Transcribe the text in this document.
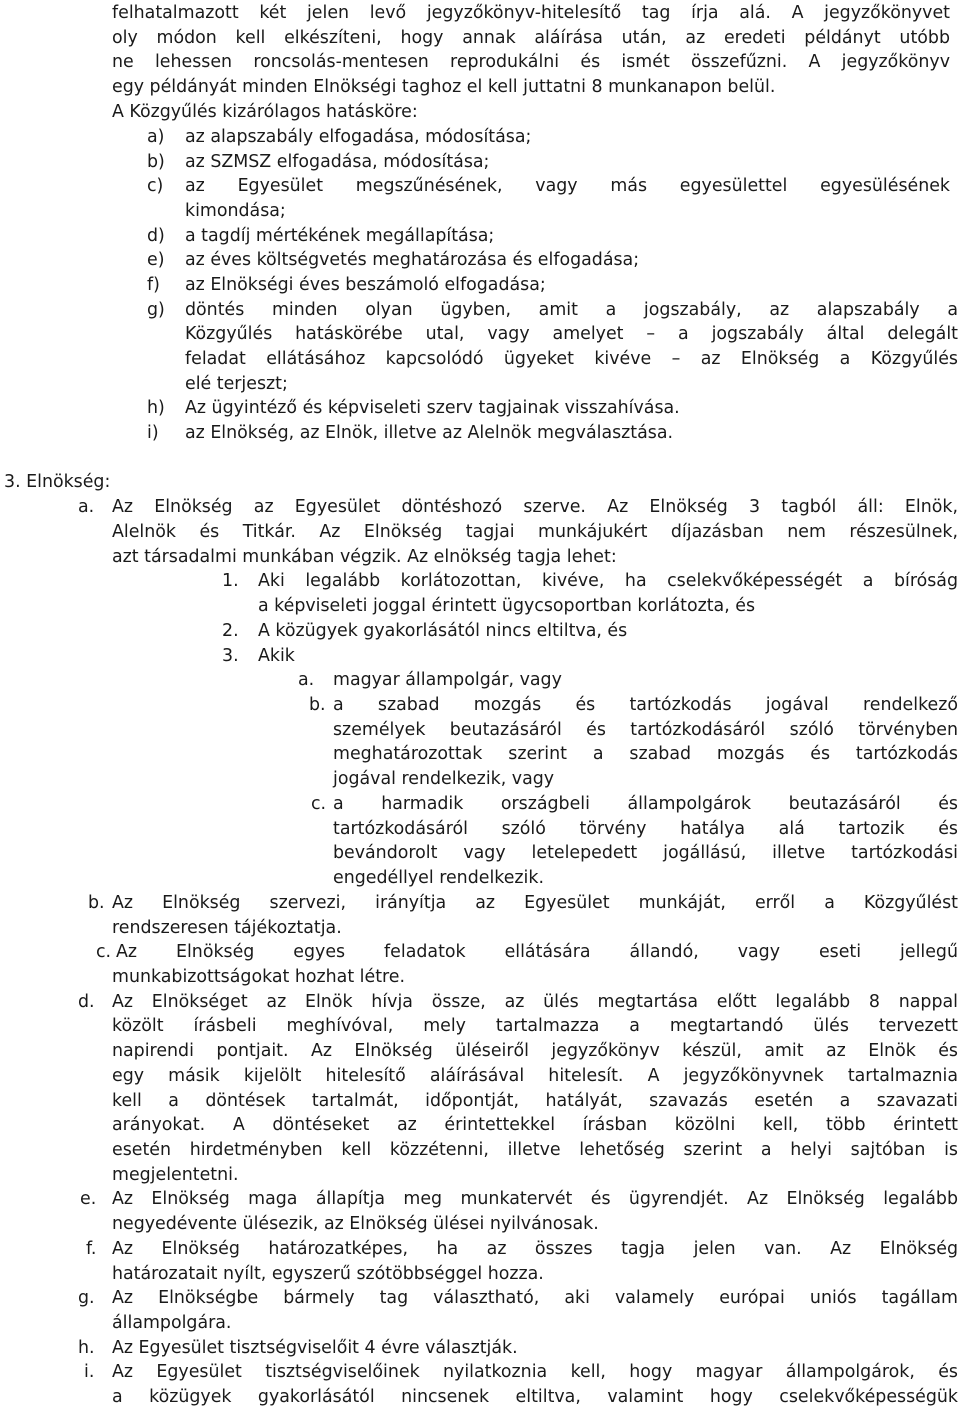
felhatalmazott két jelen levő jegyzőkönyv-hitelesítő tag írja alá. A jegyzőkönyvet
oly módon kell elkészíteni, hogy annak aláírása után, az eredeti példányt utóbb
ne lehessen roncsolás-mentesen reprodukálni és ismét összefűzni. A jegyzőkönyv
egy példányát minden Elnökségi taghoz el kell juttatni 8 munkanapon belül.
A Közgyűlés kizárólagos hatásköre:
a) az alapszabály elfogadása, módosítása;
b) az SZMSZ elfogadása, módosítása;
c) az Egyesület megszűnésének, vagy más egyesülettel egyesülésének
kimondása;
d) a tagdíj mértékének megállapítása;
e) az éves költségvetés meghatározása és elfogadása;
f) az Elnökségi éves beszámoló elfogadása;
g) döntés minden olyan ügyben, amit a jogszabály, az alapszabály a
Közgyűlés hatáskörébe utal, vagy amelyet – a jogszabály által delegált
feladat ellátásához kapcsolódó ügyeket kivéve – az Elnökség a Közgyűlés
elé terjeszt;
h) Az ügyintéző és képviseleti szerv tagjainak visszahívása.
i) az Elnökség, az Elnök, illetve az Alelnök megválasztása.
3. Elnökség:
a. Az Elnökség az Egyesület döntéshozó szerve. Az Elnökség 3 tagból áll: Elnök,
Alelnök és Titkár. Az Elnökség tagjai munkájukért díjazásban nem részesülnek,
azt társadalmi munkában végzik. Az elnökség tagja lehet:
1. Aki legalább korlátozottan, kivéve, ha cselekvőképességét a bíróság
a képviseleti joggal érintett ügycsoportban korlátozta, és
2. A közügyek gyakorlásától nincs eltiltva, és
3. Akik
a. magyar állampolgár, vagy
b. a szabad mozgás és tartózkodás jogával rendelkező
személyek beutazásáról és tartózkodásáról szóló törvényben
meghatározottak szerint a szabad mozgás és tartózkodás
jogával rendelkezik, vagy
c. a harmadik országbeli állampolgárok beutazásáról és
tartózkodásáról szóló törvény hatálya alá tartozik és
bevándorolt vagy letelepedett jogállású, illetve tartózkodási
engedéllyel rendelkezik.
b. Az Elnökség szervezi, irányítja az Egyesület munkáját, erről a Közgyűlést
rendszeresen tájékoztatja.
c. Az Elnökség egyes feladatok ellátására állandó, vagy eseti jellegű
munkabizottságokat hozhat létre.
d. Az Elnökséget az Elnök hívja össze, az ülés megtartása előtt legalább 8 nappal
közölt írásbeli meghívóval, mely tartalmazza a megtartandó ülés tervezett
napirendi pontjait. Az Elnökség üléseiről jegyzőkönyv készül, amit az Elnök és
egy másik kijelölt hitelesítő aláírásával hitelesít. A jegyzőkönyvnek tartalmaznia
kell a döntések tartalmát, időpontját, hatályát, szavazás esetén a szavazati
arányokat. A döntéseket az érintettekkel írásban közölni kell, több érintett
esetén hirdetményben kell közzétenni, illetve lehetőség szerint a helyi sajtóban is
megjelentetni.
e. Az Elnökség maga állapítja meg munkatervét és ügyrendjét. Az Elnökség legalább
negyedévente ülésezik, az Elnökség ülései nyilvánosak.
f. Az Elnökség határozatképes, ha az összes tagja jelen van. Az Elnökség
határozatait nyílt, egyszerű szótöbbséggel hozza.
g. Az Elnökségbe bármely tag választható, aki valamely európai uniós tagállam
állampolgára.
h. Az Egyesület tisztségviselőit 4 évre választják.
i. Az Egyesület tisztségviselőinek nyilatkoznia kell, hogy magyar állampolgárok, és
a közügyek gyakorlásától nincsenek eltiltva, valamint hogy cselekvőképességük
